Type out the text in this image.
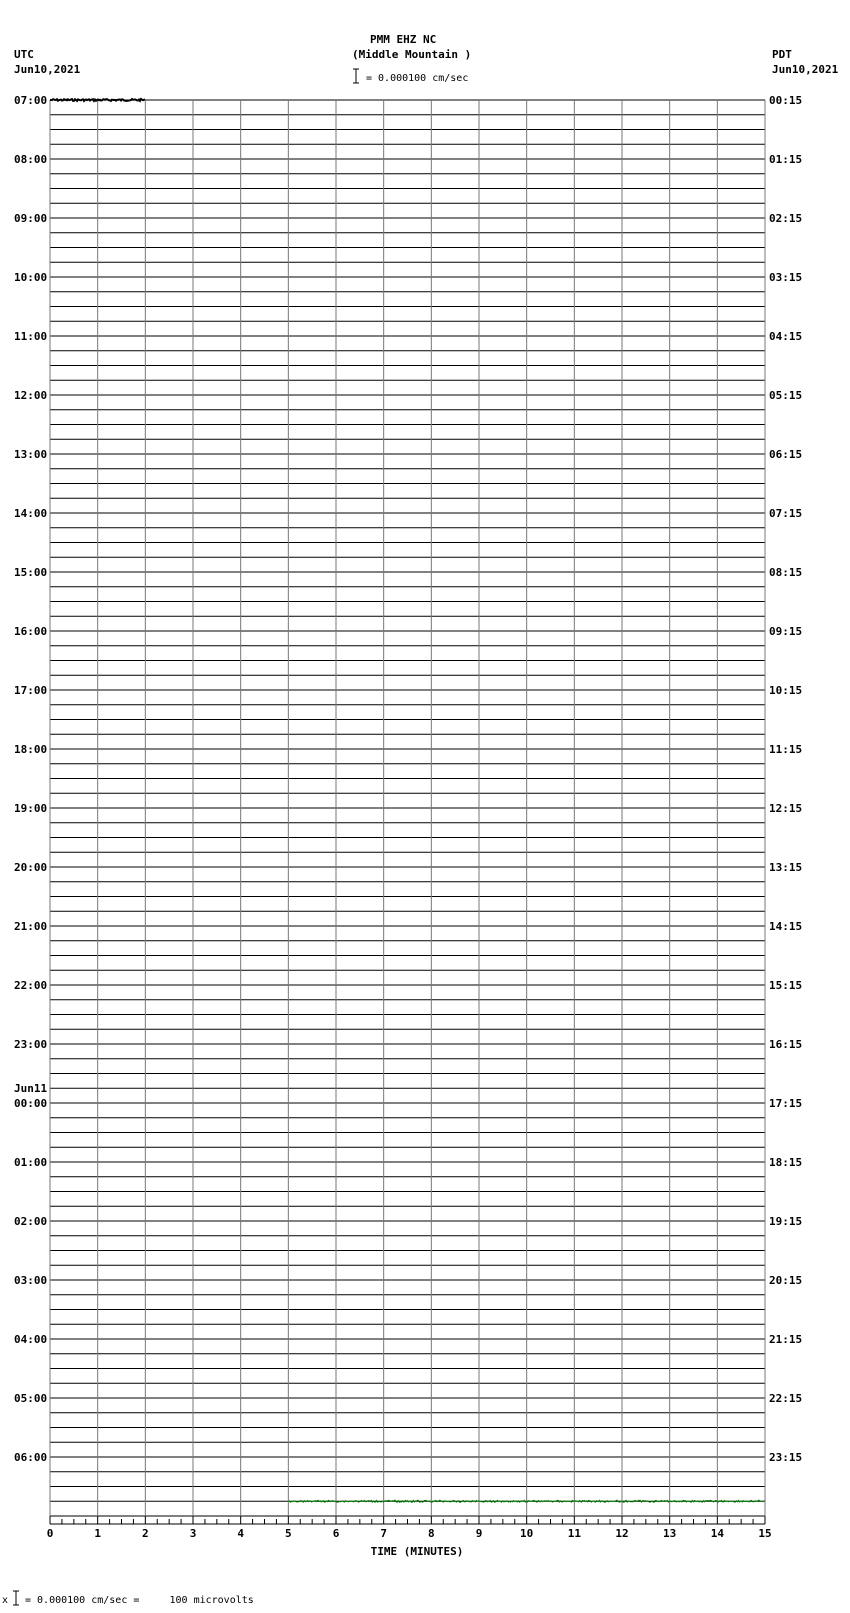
PMM EHZ NC
(Middle Mountain )
= 0.000100 cm/sec
UTC
Jun10,2021
PDT
Jun10,2021
07:00
08:00
09:00
10:00
11:00
12:00
13:00
14:00
15:00
16:00
17:00
18:00
19:00
20:00
21:00
22:00
23:00
00:00
Jun11
01:00
02:00
03:00
04:00
05:00
06:00
00:15
01:15
02:15
03:15
04:15
05:15
06:15
07:15
08:15
09:15
10:15
11:15
12:15
13:15
14:15
15:15
16:15
17:15
18:15
19:15
20:15
21:15
22:15
23:15
0	1	2	3	4	5	6	7	8	9	10	11	12	13	14	15
TIME (MINUTES)
x = 0.000100 cm/sec =     100 microvolts
